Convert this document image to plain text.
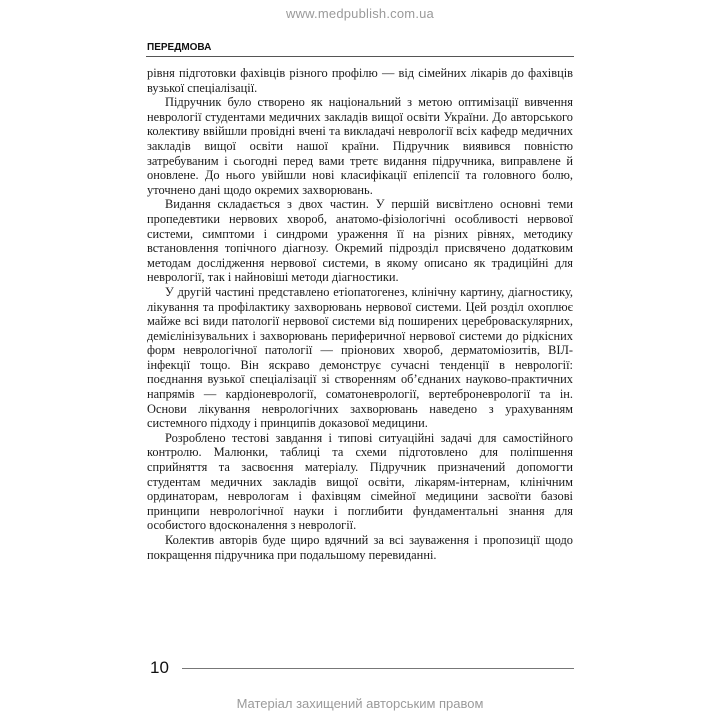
www.medpublish.com.ua
ПЕРЕДМОВА

рівня підготовки фахівців різного профілю — від сімейних лікарів до фахівців вузької спеціалізації.

Підручник було створено як національний з метою оптимізації вивчення неврології студентами медичних закладів вищої освіти України. До авторського колективу ввійшли провідні вчені та викладачі неврології всіх кафедр медичних закладів вищої освіти нашої країни. Підручник виявився повністю затребуваним і сьогодні перед вами третє видання підручника, виправлене й оновлене. До нього увійшли нові класифікації епілепсії та головного болю, уточнено дані щодо окремих захворювань.

Видання складається з двох частин. У першій висвітлено основні теми пропедевтики нервових хвороб, анатомо-фізіологічні особливості нервової системи, симптоми і синдроми ураження її на різних рівнях, методику встановлення топічного діагнозу. Окремий підрозділ присвячено додатковим методам дослідження нервової системи, в якому описано як традиційні для неврології, так і найновіші методи діагностики.

У другій частині представлено етіопатогенез, клінічну картину, діагностику, лікування та профілактику захворювань нервової системи. Цей розділ охоплює майже всі види патології нервової системи від поширених цереброваскулярних, демієлінізувальних і захворювань периферичної нервової системи до рідкісних форм неврологічної патології — пріонових хвороб, дерматоміозитів, ВІЛ-інфекції тощо. Він яскраво демонструє сучасні тенденції в неврології: поєднання вузької спеціалізації зі створенням об’єднаних науково-практичних напрямів — кардіоневрології, соматоневрології, вертеброневрології та ін. Основи лікування неврологічних захворювань наведено з урахуванням системного підходу і принципів доказової медицини.

Розроблено тестові завдання і типові ситуаційні задачі для самостійного контролю. Малюнки, таблиці та схеми підготовлено для поліпшення сприйняття та засвоєння матеріалу. Підручник призначений допомогти студентам медичних закладів вищої освіти, лікарям-інтернам, клінічним ординаторам, неврологам і фахівцям сімейної медицини засвоїти базові принципи неврологічної науки і поглибити фундаментальні знання для особистого вдосконалення з неврології.

Колектив авторів буде щиро вдячний за всі зауваження і пропозиції щодо покращення підручника при подальшому перевиданні.

10
Матеріал захищений авторським правом
